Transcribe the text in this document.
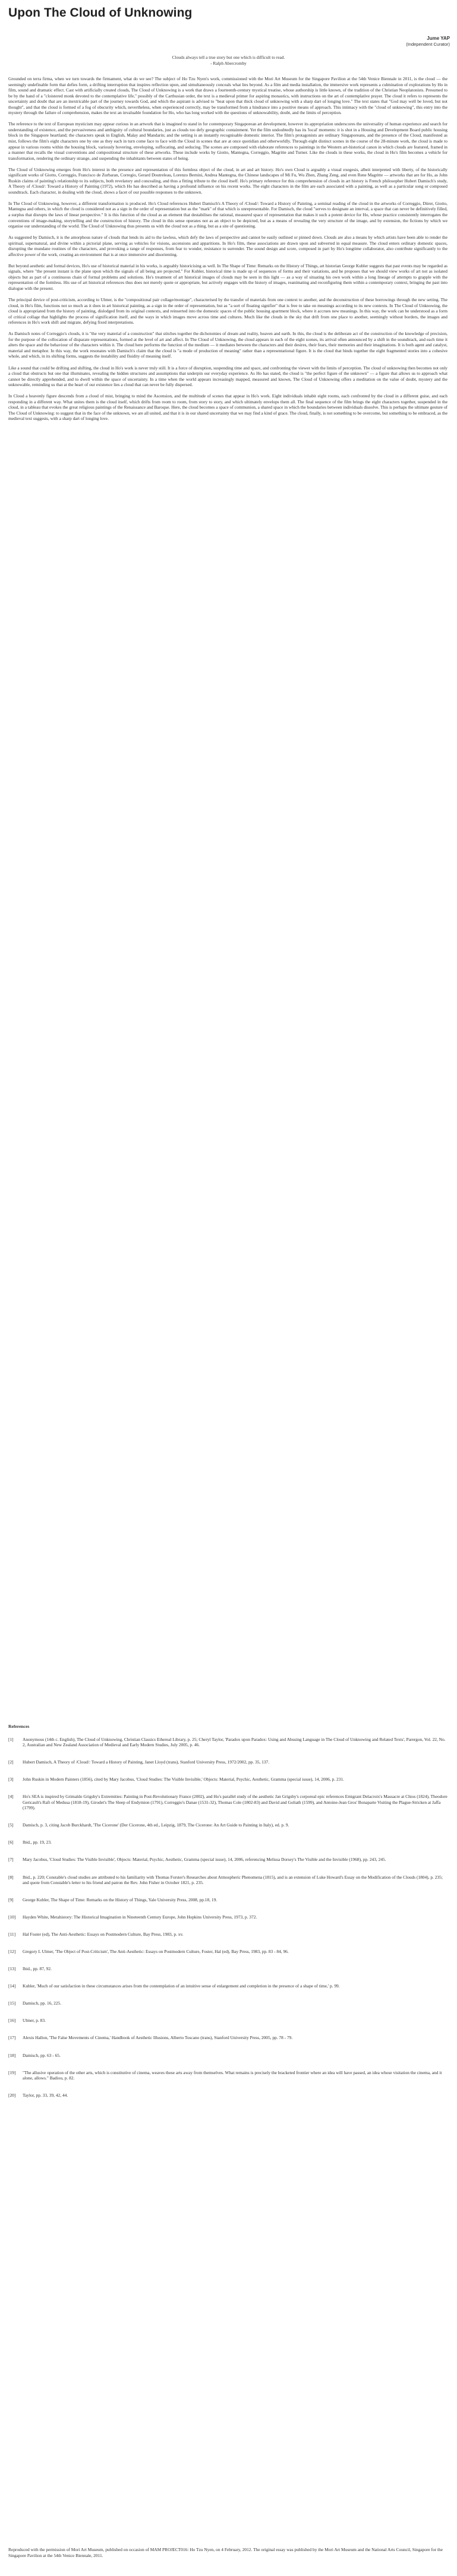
Upon The Cloud of Unknowing
Jume YAP
(Independent Curator)
Clouds always tell a true story but one which is difficult to read.
- Ralph Abercromby

Grounded on terra firma, when we turn towards the firmament, what do we see? The subject of Ho Tzu Nyen's work, commissioned with the Mori Art Museum for the Singapore Pavilion at the 54th Venice Biennale in 2011, is the cloud — the seemingly undefinable form that defies form, a drifting interruption that inspires reflection upon, and simultaneously conceals what lies beyond. As a film and media installation, the immersive work represents a culmination of explorations by Ho in film, sound and dramatic effect. Cast with artificially created clouds, The Cloud of Unknowing is a work that draws a fourteenth-century mystical treatise, whose authorship is little known, of the tradition of the Christian Neoplatonists. Presumed to be by the hand of a "cloistered monk devoted to the contemplative life," possibly of the Carthusian order, the text is a medieval primer for aspiring monastics, with instructions on the art of contemplative prayer. The cloud it refers to represents the uncertainty and doubt that are an inextricable part of the journey towards God, and which the aspirant is advised to "beat upon that thick cloud of unknowing with a sharp dart of longing love." The text states that "God may well be loved, but not thought", and that the cloud is formed of a fog of obscurity which, nevertheless, when experienced correctly, may be transformed from a hindrance into a positive means of approach. This intimacy with the "cloud of unknowing", this entry into the mystery through the failure of comprehension, makes the text an invaluable foundation for Ho, who has long worked with the questions of unknowability, doubt, and the limits of perception.

The reference to the text of European mysticism may appear curious in an artwork that is imagined to stand in for contemporary Singaporean art development, however its appropriation underscores the universality of human experience and search for understanding of existence, and the pervasiveness and ambiguity of cultural boundaries, just as clouds too defy geographic containment. Yet the film undoubtedly has its 'local' moments: it is shot in a Housing and Development Board public housing block in the Singapore heartland; the characters speak in English, Malay and Mandarin; and the setting is an instantly recognisable domestic interior. The film's protagonists are ordinary Singaporeans, and the presence of the Cloud, manifested as mist, follows the film's eight characters one by one as they each in turn come face to face with the Cloud in scenes that are at once quotidian and otherworldly. Through eight distinct scenes in the course of the 28-minute work, the cloud is made to appear in various rooms within the housing block, variously hovering, enveloping, suffocating, and seducing. The scenes are composed with elaborate references to paintings in the Western art-historical canon in which clouds are featured, framed in a manner that recalls the visual conventions and compositional structure of these artworks. These include works by Giotto, Mantegna, Correggio, Magritte and Turner. Like the clouds in these works, the cloud in Ho's film becomes a vehicle for transformation, rendering the ordinary strange, and suspending the inhabitants between states of being.

The Cloud of Unknowing emerges from Ho's interest in the presence and representation of this formless object of the cloud, in art and art history. Ho's own Cloud is arguably a visual exegesis, albeit interpreted with liberty, of the historically significant works of Giotto, Correggio, Francisco de Zurbaran, Corregio, Gerard Doutreleau, Lorenzo Bernini, Andrea Mantegna, the Chinese landscapes of Mi Fu, Wu Zhen, Zhang Zeng, and even Rene Magritte — artworks that are for Ho, as John Ruskin claims of painting's relationship to its subjects, both revelatory and concealing, and thus a fitting tribute to the cloud itself. Ho's primary reference for this comprehension of clouds in art history is French philosopher Hubert Damisch's study, A Theory of /Cloud/: Toward a History of Painting (1972), which Ho has described as having a profound influence on his recent works. The eight characters in the film are each associated with a painting, as well as a particular song or composed soundtrack. Each character, in dealing with the cloud, shows a facet of our possible responses to the unknown.

In The Cloud of Unknowing, however, a different transformation is produced. Ho's Cloud references Hubert Damisch's A Theory of /Cloud/: Toward a History of Painting, a seminal reading of the cloud in the artworks of Correggio, Dürer, Giotto, Mantegna and others, in which the cloud is considered not as a sign in the order of representation but as the "mark" of that which is unrepresentable. For Damisch, the cloud "serves to designate an interval, a space that can never be definitively filled, a surplus that disrupts the laws of linear perspective." It is this function of the cloud as an element that destabilises the rational, measured space of representation that makes it such a potent device for Ho, whose practice consistently interrogates the conventions of image-making, storytelling and the construction of history. The cloud in this sense operates not as an object to be depicted, but as a means of revealing the very structure of the image, and by extension, the fictions by which we organise our understanding of the world. The Cloud of Unknowing thus presents us with the cloud not as a thing, but as a site of questioning.

As suggested by Damisch, it is the amorphous nature of clouds that lends its aid to the lawless, which defy the laws of perspective and cannot be easily outlined or pinned down. Clouds are also a means by which artists have been able to render the spiritual, supernatural, and divine within a pictorial plane, serving as vehicles for visions, ascensions and apparitions. In Ho's film, these associations are drawn upon and subverted in equal measure. The cloud enters ordinary domestic spaces, disrupting the mundane routines of the characters, and provoking a range of responses, from fear to wonder, resistance to surrender. The sound design and score, composed in part by Ho's longtime collaborator, also contribute significantly to the affective power of the work, creating an environment that is at once immersive and disorienting.

But beyond aesthetic and formal devices, Ho's use of historical material in his works, is arguably historicising as well. In The Shape of Time: Remarks on the History of Things, art historian George Kubler suggests that past events may be regarded as signals, where "the present instant is the plane upon which the signals of all being are projected." For Kubler, historical time is made up of sequences of forms and their variations, and he proposes that we should view works of art not as isolated objects but as part of a continuous chain of formal problems and solutions. Ho's treatment of art historical images of clouds may be seen in this light — as a way of situating his own work within a long lineage of attempts to grapple with the representation of the formless. His use of art historical references thus does not merely quote or appropriate, but actively engages with the history of images, reanimating and reconfiguring them within a contemporary context, bringing the past into dialogue with the present.

The principal device of post-criticism, according to Ulmer, is the "compositional pair collage/montage", characterised by the transfer of materials from one context to another, and the deconstruction of these borrowings through the new setting. The cloud, in Ho's film, functions not so much as it does in art historical painting, as a sign in the order of representation, but as "a sort of floating signifier" that is free to take on meanings according to its new contexts. In The Cloud of Unknowing, the cloud is appropriated from the history of painting, dislodged from its original contexts, and reinserted into the domestic spaces of the public housing apartment block, where it accrues new meanings. In this way, the work can be understood as a form of critical collage that highlights the process of signification itself, and the ways in which images move across time and cultures. Much like the clouds in the sky that drift from one place to another, seemingly without borders, the images and references in Ho's work shift and migrate, defying fixed interpretations.

As Damisch notes of Correggio's clouds, it is "the very material of a construction" that stitches together the dichotomies of dream and reality, heaven and earth. In this, the cloud is the deliberate act of the construction of the knowledge of precision, for the purpose of the collocation of disparate representations, formed at the level of art and affect. In The Cloud of Unknowing, the cloud appears in each of the eight scenes, its arrival often announced by a shift in the soundtrack, and each time it alters the space and the behaviour of the characters within it. The cloud here performs the function of the medium — it mediates between the characters and their desires, their fears, their memories and their imaginations. It is both agent and catalyst, material and metaphor. In this way, the work resonates with Damisch's claim that the cloud is "a mode of production of meaning" rather than a representational figure. It is the cloud that binds together the eight fragmented stories into a cohesive whole, and which, in its shifting forms, suggests the instability and fluidity of meaning itself.

Like a sound that could be drifting and shifting, the cloud in Ho's work is never truly still. It is a force of disruption, suspending time and space, and confronting the viewer with the limits of perception. The cloud of unknowing then becomes not only a cloud that obstructs but one that illuminates, revealing the hidden structures and assumptions that underpin our everyday experience. As Ho has stated, the cloud is "the perfect figure of the unknown" — a figure that allows us to approach what cannot be directly apprehended, and to dwell within the space of uncertainty. In a time when the world appears increasingly mapped, measured and known, The Cloud of Unknowing offers a meditation on the value of doubt, mystery and the unknowable, reminding us that at the heart of our existence lies a cloud that can never be fully dispersed.

In Cloud a heavenly figure descends from a cloud of mist, bringing to mind the Ascension, and the multitude of scenes that appear in Ho's work. Eight individuals inhabit eight rooms, each confronted by the cloud in a different guise, and each responding in a different way. What unites them is the cloud itself, which drifts from room to room, from story to story, and which ultimately envelops them all. The final sequence of the film brings the eight characters together, suspended in the cloud, in a tableau that evokes the great religious paintings of the Renaissance and Baroque. Here, the cloud becomes a space of communion, a shared space in which the boundaries between individuals dissolve. This is perhaps the ultimate gesture of The Cloud of Unknowing: to suggest that in the face of the unknown, we are all united, and that it is in our shared uncertainty that we may find a kind of grace. The cloud, finally, is not something to be overcome, but something to be embraced, as the medieval text suggests, with a sharp dart of longing love.

References
[1]	Anonymous (14th c. English), The Cloud of Unknowing, Christian Classics Ethereal Library, p. 25; Cheryl Taylor, 'Paradox upon Paradox: Using and Abusing Language in The Cloud of Unknowing and Related Texts', Parergon, Vol. 22, No. 2, Australian and New Zealand Association of Medieval and Early Modern Studies, July 2005, p. 46.
[2]	Hubert Damisch, A Theory of /Cloud/: Toward a History of Painting, Janet Lloyd (trans), Stanford University Press, 1972/2002, pp. 35, 137.
[3]	John Ruskin in Modern Painters (1856), cited by Mary Jacobus, 'Cloud Studies: The Visible Invisible,' Objects: Material, Psychic, Aesthetic, Gramma (special issue), 14, 2006, p. 231.
[4]	Ho's SEA is inspired by Grimaldo Grigsby's Extremities: Painting in Post-Revolutionary France (2002), and Ho's parallel study of the aesthetic Jan Grigsby's corporeal epic references Emigrant Delacroix's Massacre at Chios (1824), Theodore Gericault's Raft of Medusa (1818-19), Girodet's The Sleep of Endymion (1791), Correggio's Danae (1531-32), Thomas Cole (1802-83) and David and Goliath (1599), and Antoine-Jean Gros' Bonaparte Visiting the Plague-Stricken at Jaffa (1799).
[5]	Damisch, p. 3, citing Jacob Burckhardt, 'The Cicerone' (Der Cicerone, 4th ed., Leipzig, 1879, The Cicerone: An Art Guide to Painting in Italy), ed. p. 9.
[6]	Ibid., pp. 19, 23.
[7]	Mary Jacobus, 'Cloud Studies: The Visible Invisible', Objects: Material, Psychic, Aesthetic, Gramma (special issue), 14, 2006, referencing Melissa Dorsey's The Visible and the Invisible (1968), pp. 243, 245.
[8]	Ibid., p. 220; Constable's cloud studies are attributed to his familiarity with Thomas Forster's Researches about Atmospheric Phenomena (1815), and is an extension of Luke Howard's Essay on the Modification of the Clouds (1804), p. 235; and quote from Constable's letter to his friend and patron the Rev. John Fisher in October 1821, p. 235.
[9]	George Kubler, The Shape of Time: Remarks on the History of Things, Yale University Press, 2008, pp.18, 19.
[10]	Hayden White, Metahistory: The Historical Imagination in Nineteenth Century Europe, John Hopkins University Press, 1973, p. 372.
[11]	Hal Foster (ed), The Anti-Aesthetic: Essays on Postmodern Culture, Bay Press, 1983, p. xv.
[12]	Gregory L Ulmer, 'The Object of Post-Criticism', The Anti-Aesthetic: Essays on Postmodern Culture, Foster, Hal (ed), Bay Press, 1983, pp. 83 - 84, 96.
[13]	Ibid., pp. 87, 92.
[14]	Kubler, 'Much of our satisfaction in these circumstances arises from the contemplation of an intuitive sense of enlargement and completion in the presence of a shape of time,' p. 99.
[15]	Damisch, pp. 16, 225.
[16]	Ulmer, p. 83.
[17]	Alexis Hallon, 'The False Movements of Cinema,' Handbook of Aesthetic Illusions, Alberto Toscano (trans), Stanford University Press, 2005, pp. 78 - 79.
[18]	Damisch, pp. 63 - 65.
[19]	"The allusive operation of the other arts, which is constitutive of cinema, weaves these arts away from themselves. What remains is precisely the bracketed frontier where an idea will have passed, an idea whose visitation the cinema, and it alone, allows." Badiou, p. 82.
[20]	Taylor, pp. 33, 39, 42, 44.
Reproduced with the permission of Mori Art Museum, published on occasion of MAM PROJECT016: Ho Tzu Nyen, on 4 February, 2012. The original essay was published by the Mori Art Museum and the National Arts Council, Singapore for the Singapore Pavilion at the 54th Venice Biennale, 2011.
